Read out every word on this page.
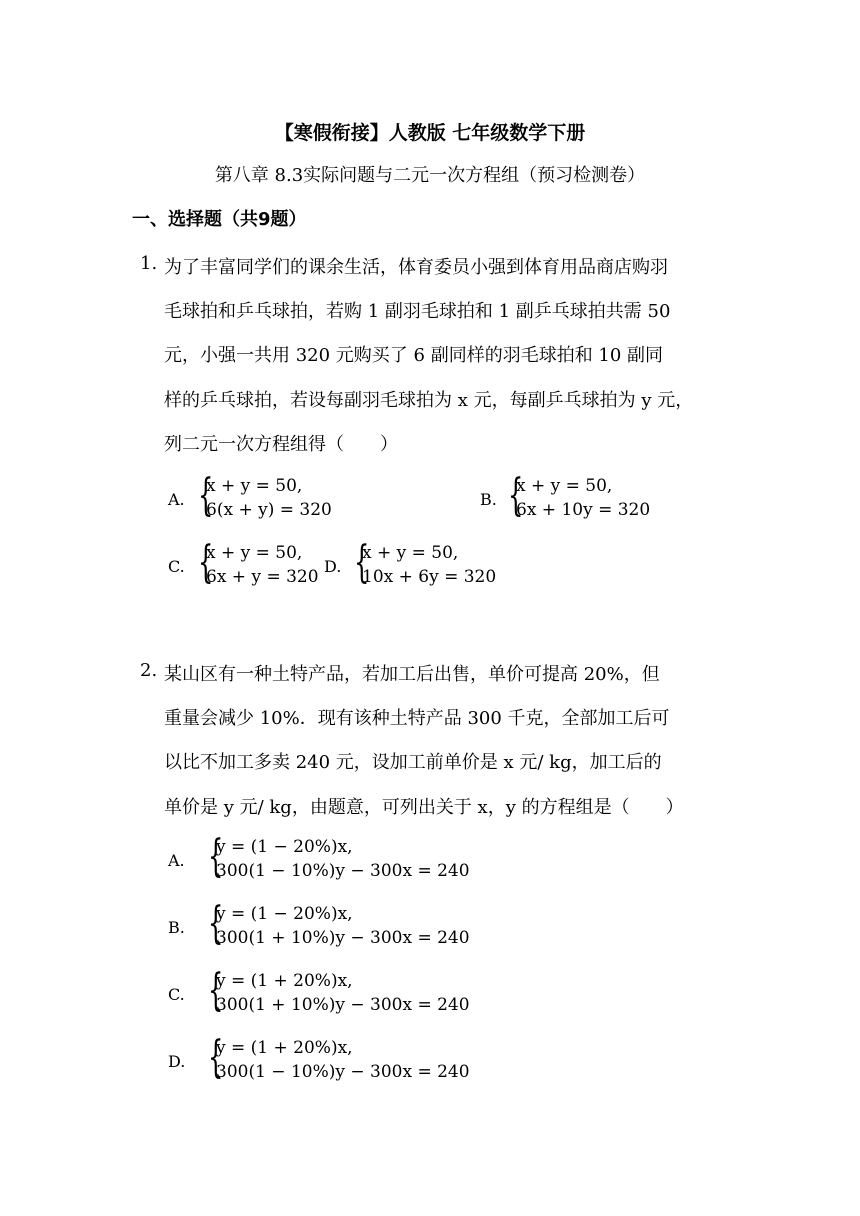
【寒假衔接】人教版 七年级数学下册
第八章 8.3实际问题与二元一次方程组（预习检测卷）
一、选择题（共9题）
1. 为了丰富同学们的课余生活，体育委员小强到体育用品商店购羽
毛球拍和乒乓球拍，若购 1 副羽毛球拍和 1 副乒乓球拍共需 50
元，小强一共用 320 元购买了 6 副同样的羽毛球拍和 10 副同
样的乒乓球拍，若设每副羽毛球拍为 x 元，每副乒乓球拍为 y 元，
列二元一次方程组得（　　）
A. {
x + y = 50,
6(x + y) = 320
B. {
x + y = 50,
6x + 10y = 320
C. {
x + y = 50,
6x + y = 320
D. {
x + y = 50,
10x + 6y = 320
2. 某山区有一种土特产品，若加工后出售，单价可提高 20%，但
重量会减少 10%．现有该种土特产品 300 千克，全部加工后可
以比不加工多卖 240 元，设加工前单价是 x 元/ kg，加工后的
单价是 y 元/ kg，由题意，可列出关于 x，y 的方程组是（　　）
A. {
y = (1 − 20%)x,
300(1 − 10%)y − 300x = 240
B. {
y = (1 − 20%)x,
300(1 + 10%)y − 300x = 240
C. {
y = (1 + 20%)x,
300(1 + 10%)y − 300x = 240
D. {
y = (1 + 20%)x,
300(1 − 10%)y − 300x = 240
